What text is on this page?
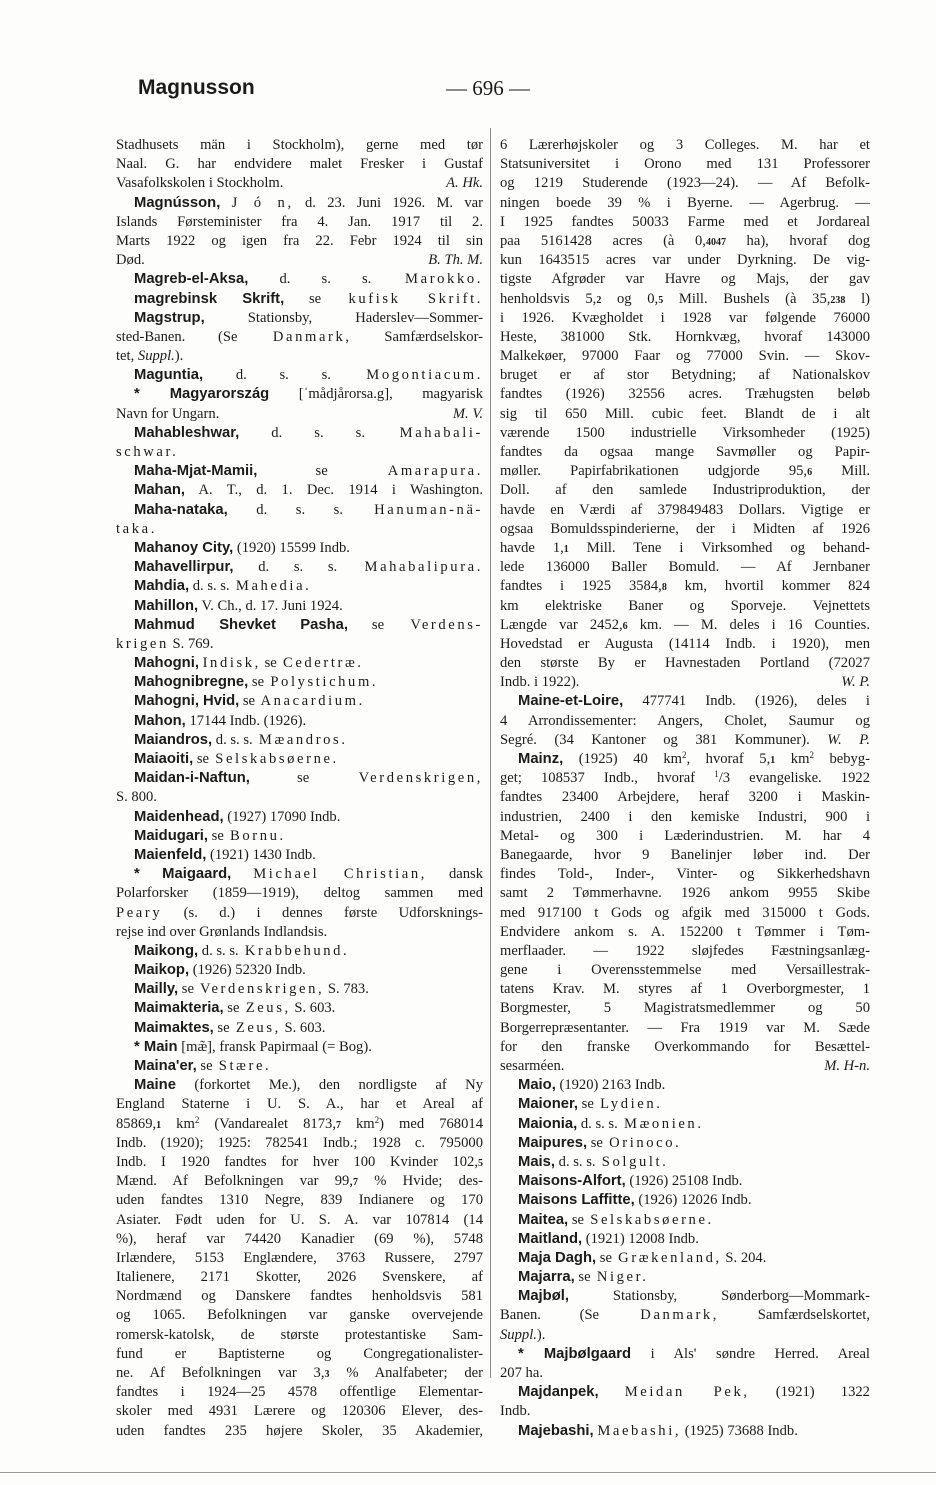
Magnusson	— 696 —
Stadhusets män i Stockholm), gerne med tør
Naal. G. har endvidere malet Fresker i Gustaf
Vasafolkskolen i Stockholm.	A. Hk.
Magnússon, J ó n, d. 23. Juni 1926. M. var
Islands Førsteminister fra 4. Jan. 1917 til 2.
Marts 1922 og igen fra 22. Febr 1924 til sin
Død.	B. Th. M.
Magreb-el-Aksa, d. s. s. Marokko.
magrebinsk Skrift, se kufisk Skrift.
Magstrup, Stationsby, Haderslev—Sommer-
sted-Banen. (Se Danmark, Samfærdselskor-
tet, Suppl.).
Maguntia, d. s. s. Mogontiacum.
* Magyarország [ˈmådjårorsa.g], magyarisk
Navn for Ungarn.	M. V.
Mahableshwar, d. s. s. Mahabali-
schwar.
Maha-Mjat-Mamii, se Amarapura.
Mahan, A. T., d. 1. Dec. 1914 i Washington.
Maha-nataka, d. s. s. Hanuman-nä-
taka.
Mahanoy City, (1920) 15599 Indb.
Mahavellirpur, d. s. s. Mahabalipura.
Mahdia, d. s. s. Mahedia.
Mahillon, V. Ch., d. 17. Juni 1924.
Mahmud Shevket Pasha, se Verdens-
krigen S. 769.
Mahogni, Indisk, se Cedertræ.
Mahognibregne, se Polystichum.
Mahogni, Hvid, se Anacardium.
Mahon, 17144 Indb. (1926).
Maiandros, d. s. s. Mæandros.
Maiaoiti, se Selskabsøerne.
Maidan-i-Naftun, se Verdenskrigen,
S. 800.
Maidenhead, (1927) 17090 Indb.
Maidugari, se Bornu.
Maienfeld, (1921) 1430 Indb.
* Maigaard, Michael Christian, dansk
Polarforsker (1859—1919), deltog sammen med
Peary (s. d.) i dennes første Udforsknings-
rejse ind over Grønlands Indlandsis.
Maikong, d. s. s. Krabbehund.
Maikop, (1926) 52320 Indb.
Mailly, se Verdenskrigen, S. 783.
Maimakteria, se Zeus, S. 603.
Maimaktes, se Zeus, S. 603.
* Main [mæ̃], fransk Papirmaal (= Bog).
Maina'er, se Stære.
Maine (forkortet Me.), den nordligste af Ny
England Staterne i U. S. A., har et Areal af
85869,1 $km^2$ (Vandarealet 8173,7 $km^2$) med 768014
Indb. (1920); 1925: 782541 Indb.; 1928 c. 795000
Indb. I 1920 fandtes for hver 100 Kvinder 102,5
Mænd. Af Befolkningen var 99,7 % Hvide; des-
uden fandtes 1310 Negre, 839 Indianere og 170
Asiater. Født uden for U. S. A. var 107814 (14
%), heraf var 74420 Kanadier (69 %), 5748
Irlændere, 5153 Englændere, 3763 Russere, 2797
Italienere, 2171 Skotter, 2026 Svenskere, af
Nordmænd og Danskere fandtes henholdsvis 581
og 1065. Befolkningen var ganske overvejende
romersk-katolsk, de største protestantiske Sam-
fund er Baptisterne og Congregationalister-
ne. Af Befolkningen var 3,3 % Analfabeter; der
fandtes i 1924—25 4578 offentlige Elementar-
skoler med 4931 Lærere og 120306 Elever, des-
uden fandtes 235 højere Skoler, 35 Akademier,
6 Lærerhøjskoler og 3 Colleges. M. har et
Statsuniversitet i Orono med 131 Professorer
og 1219 Studerende (1923—24). — Af Befolk-
ningen boede 39 % i Byerne. — Agerbrug. —
I 1925 fandtes 50033 Farme med et Jordareal
paa 5161428 acres (à 0,4047 ha), hvoraf dog
kun 1643515 acres var under Dyrkning. De vig-
tigste Afgrøder var Havre og Majs, der gav
henholdsvis 5,2 og 0,5 Mill. Bushels (à 35,238 l)
i 1926. Kvægholdet i 1928 var følgende 76000
Heste, 381000 Stk. Hornkvæg, hvoraf 143000
Malkekøer, 97000 Faar og 77000 Svin. — Skov-
bruget er af stor Betydning; af Nationalskov
fandtes (1926) 32556 acres. Træhugsten beløb
sig til 650 Mill. cubic feet. Blandt de i alt
værende 1500 industrielle Virksomheder (1925)
fandtes da ogsaa mange Savmøller og Papir-
møller. Papirfabrikationen udgjorde 95,6 Mill.
Doll. af den samlede Industriproduktion, der
havde en Værdi af 379849483 Dollars. Vigtige er
ogsaa Bomuldsspinderierne, der i Midten af 1926
havde 1,1 Mill. Tene i Virksomhed og behand-
lede 136000 Baller Bomuld. — Af Jernbaner
fandtes i 1925 3584,8 km, hvortil kommer 824
km elektriske Baner og Sporveje. Vejnettets
Længde var 2452,6 km. — M. deles i 16 Counties.
Hovedstad er Augusta (14114 Indb. i 1920), men
den største By er Havnestaden Portland (72027
Indb. i 1922).	W. P.
Maine-et-Loire, 477741 Indb. (1926), deles i
4 Arrondissementer: Angers, Cholet, Saumur og
Segré. (34 Kantoner og 381 Kommuner). W. P.
Mainz, (1925) 40 $km^2$, hvoraf 5,1 $km^2$ bebyg-
get; 108537 Indb., hvoraf $^1$/3 evangeliske. 1922
fandtes 23400 Arbejdere, heraf 3200 i Maskin-
industrien, 2400 i den kemiske Industri, 900 i
Metal- og 300 i Læderindustrien. M. har 4
Banegaarde, hvor 9 Banelinjer løber ind. Der
findes Told-, Inder-, Vinter- og Sikkerhedshavn
samt 2 Tømmerhavne. 1926 ankom 9955 Skibe
med 917100 t Gods og afgik med 315000 t Gods.
Endvidere ankom s. A. 152200 t Tømmer i Tøm-
merflaader. — 1922 sløjfedes Fæstningsanlæg-
gene i Overensstemmelse med Versaillestrak-
tatens Krav. M. styres af 1 Overborgmester, 1
Borgmester, 5 Magistratsmedlemmer og 50
Borgerrepræsentanter. — Fra 1919 var M. Sæde
for den franske Overkommando for Besættel-
sesarméen.	M. H-n.
Maio, (1920) 2163 Indb.
Maioner, se Lydien.
Maionia, d. s. s. Mæonien.
Maipures, se Orinoco.
Mais, d. s. s. Solgult.
Maisons-Alfort, (1926) 25108 Indb.
Maisons Laffitte, (1926) 12026 Indb.
Maitea, se Selskabsøerne.
Maitland, (1921) 12008 Indb.
Maja Dagh, se Grækenland, S. 204.
Majarra, se Niger.
Majbøl, Stationsby, Sønderborg—Mommark-
Banen. (Se Danmark, Samfærdselskortet,
Suppl.).
* Majbølgaard i Als' søndre Herred. Areal
207 ha.
Majdanpek, Meidan Pek, (1921) 1322
Indb.
Majebashi, Maebashi, (1925) 73688 Indb.
